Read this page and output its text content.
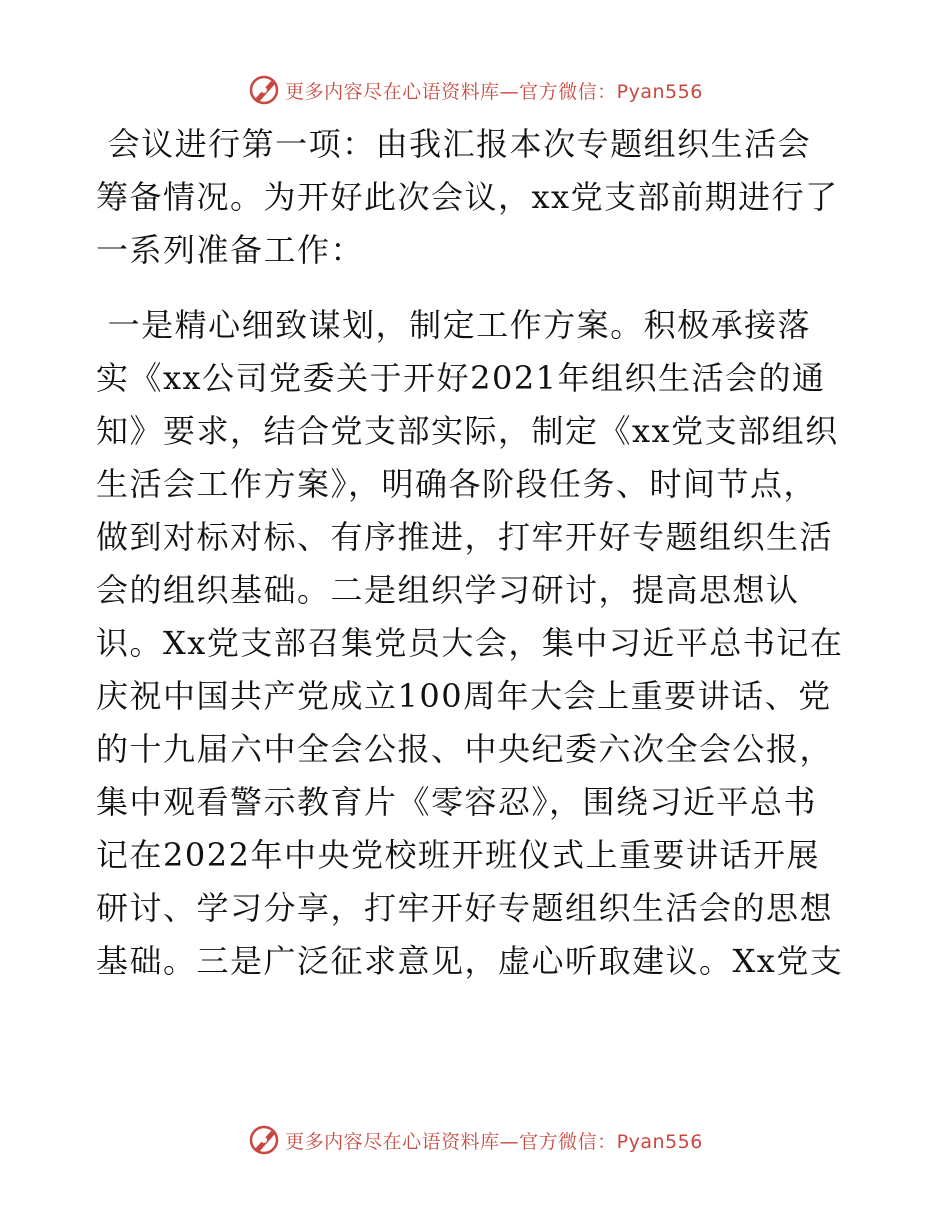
更多内容尽在心语资料库—官方微信：Pyan556

会议进行第一项：由我汇报本次专题组织生活会
筹备情况。为开好此次会议，xx党支部前期进行了
一系列准备工作：

一是精心细致谋划，制定工作方案。积极承接落
实《xx公司党委关于开好2021年组织生活会的通
知》要求，结合党支部实际，制定《xx党支部组织
生活会工作方案》，明确各阶段任务、时间节点，
做到对标对标、有序推进，打牢开好专题组织生活
会的组织基础。二是组织学习研讨，提高思想认
识。Xx党支部召集党员大会，集中习近平总书记在
庆祝中国共产党成立100周年大会上重要讲话、党
的十九届六中全会公报、中央纪委六次全会公报，
集中观看警示教育片《零容忍》，围绕习近平总书
记在2022年中央党校班开班仪式上重要讲话开展
研讨、学习分享，打牢开好专题组织生活会的思想
基础。三是广泛征求意见，虚心听取建议。Xx党支

更多内容尽在心语资料库—官方微信：Pyan556
